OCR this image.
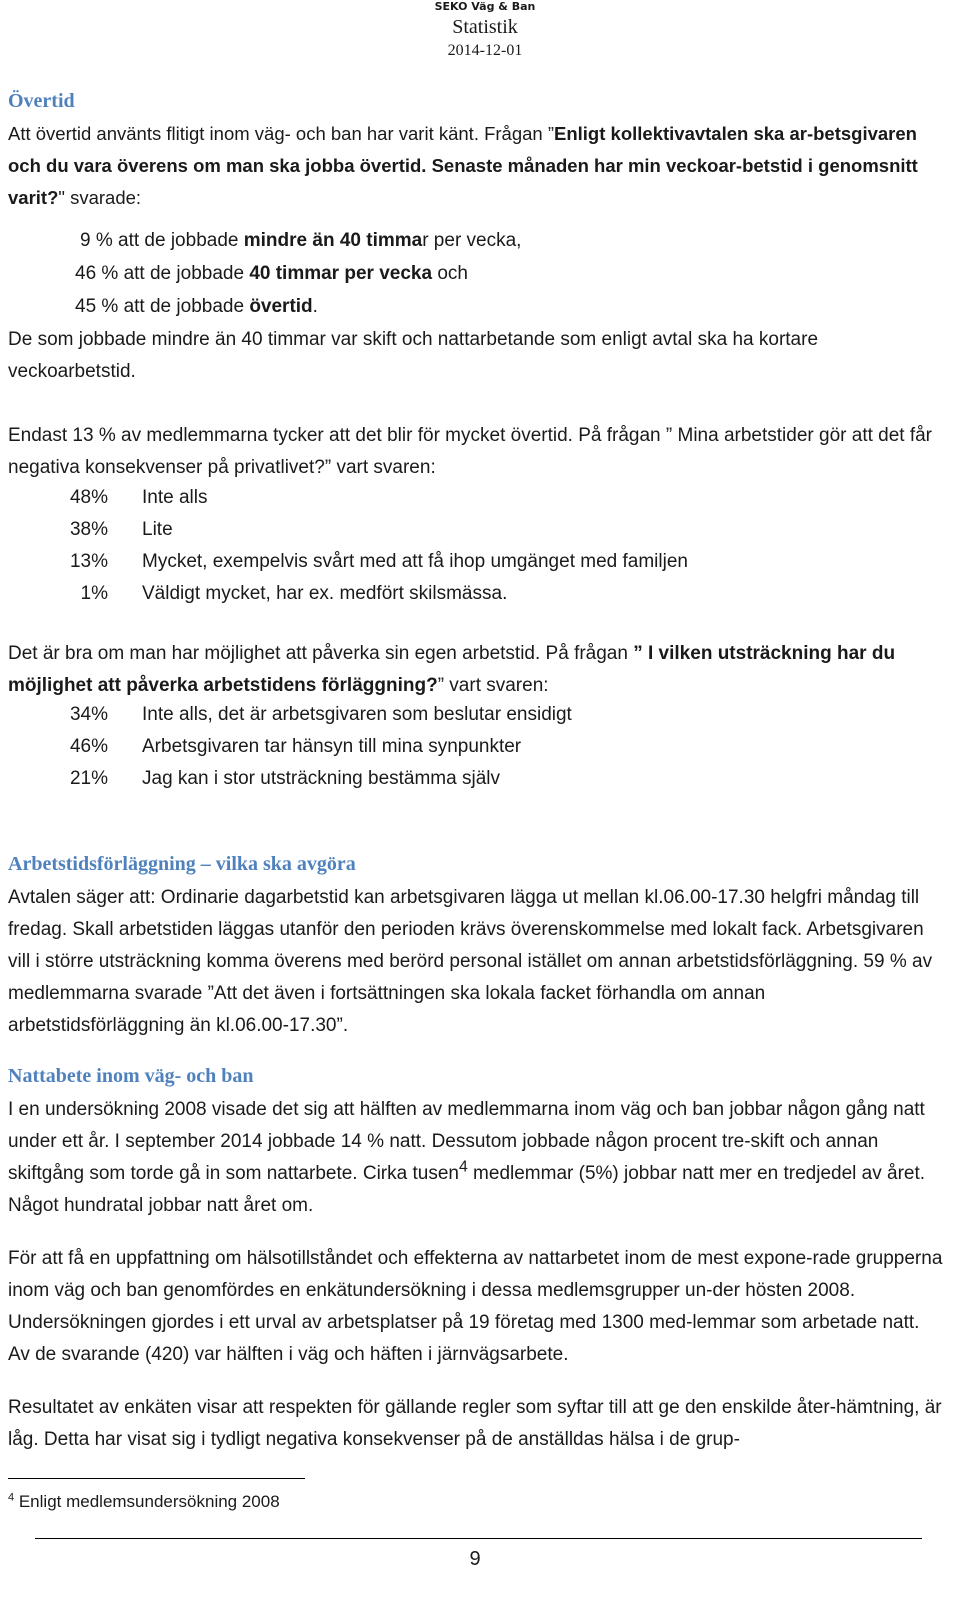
SEKO Väg & Ban
Statistik
2014-12-01
Övertid

Att övertid använts flitigt inom väg- och ban har varit känt. Frågan ”Enligt kollektivavtalen ska ar-betsgivaren och du vara överens om man ska jobba övertid. Senaste månaden har min veckoar-betstid i genomsnitt varit?" svarade:

9 % att de jobbade mindre än 40 timmar per vecka,
46 % att de jobbade 40 timmar per vecka och
45 % att de jobbade övertid.

De som jobbade mindre än 40 timmar var skift och nattarbetande som enligt avtal ska ha kortare veckoarbetstid.

Endast 13 % av medlemmarna tycker att det blir för mycket övertid. På frågan ” Mina arbetstider gör att det får negativa konsekvenser på privatlivet?” vart svaren:

48% Inte alls
38% Lite
13% Mycket, exempelvis svårt med att få ihop umgänget med familjen
1% Väldigt mycket, har ex. medfört skilsmässa.

Det är bra om man har möjlighet att påverka sin egen arbetstid. På frågan ” I vilken utsträckning har du möjlighet att påverka arbetstidens förläggning?” vart svaren:

34% Inte alls, det är arbetsgivaren som beslutar ensidigt
46% Arbetsgivaren tar hänsyn till mina synpunkter
21% Jag kan i stor utsträckning bestämma själv
Arbetstidsförläggning – vilka ska avgöra

Avtalen säger att: Ordinarie dagarbetstid kan arbetsgivaren lägga ut mellan kl.06.00-17.30 helgfri måndag till fredag. Skall arbetstiden läggas utanför den perioden krävs överenskommelse med lokalt fack. Arbetsgivaren vill i större utsträckning komma överens med berörd personal istället om annan arbetstidsförläggning. 59 % av medlemmarna svarade ”Att det även i fortsättningen ska lokala facket förhandla om annan arbetstidsförläggning än kl.06.00-17.30”.

Nattabete inom väg- och ban

I en undersökning 2008 visade det sig att hälften av medlemmarna inom väg och ban jobbar någon gång natt under ett år. I september 2014 jobbade 14 % natt. Dessutom jobbade någon procent tre-skift och annan skiftgång som torde gå in som nattarbete. Cirka tusen$^4$ medlemmar (5%) jobbar natt mer en tredjedel av året. Något hundratal jobbar natt året om.

För att få en uppfattning om hälsotillståndet och effekterna av nattarbetet inom de mest expone-rade grupperna inom väg och ban genomfördes en enkätundersökning i dessa medlemsgrupper un-der hösten 2008. Undersökningen gjordes i ett urval av arbetsplatser på 19 företag med 1300 med-lemmar som arbetade natt. Av de svarande (420) var hälften i väg och häften i järnvägsarbete.

Resultatet av enkäten visar att respekten för gällande regler som syftar till att ge den enskilde åter-hämtning, är låg. Detta har visat sig i tydligt negativa konsekvenser på de anställdas hälsa i de grup-

$^4$ Enligt medlemsundersökning 2008
9
